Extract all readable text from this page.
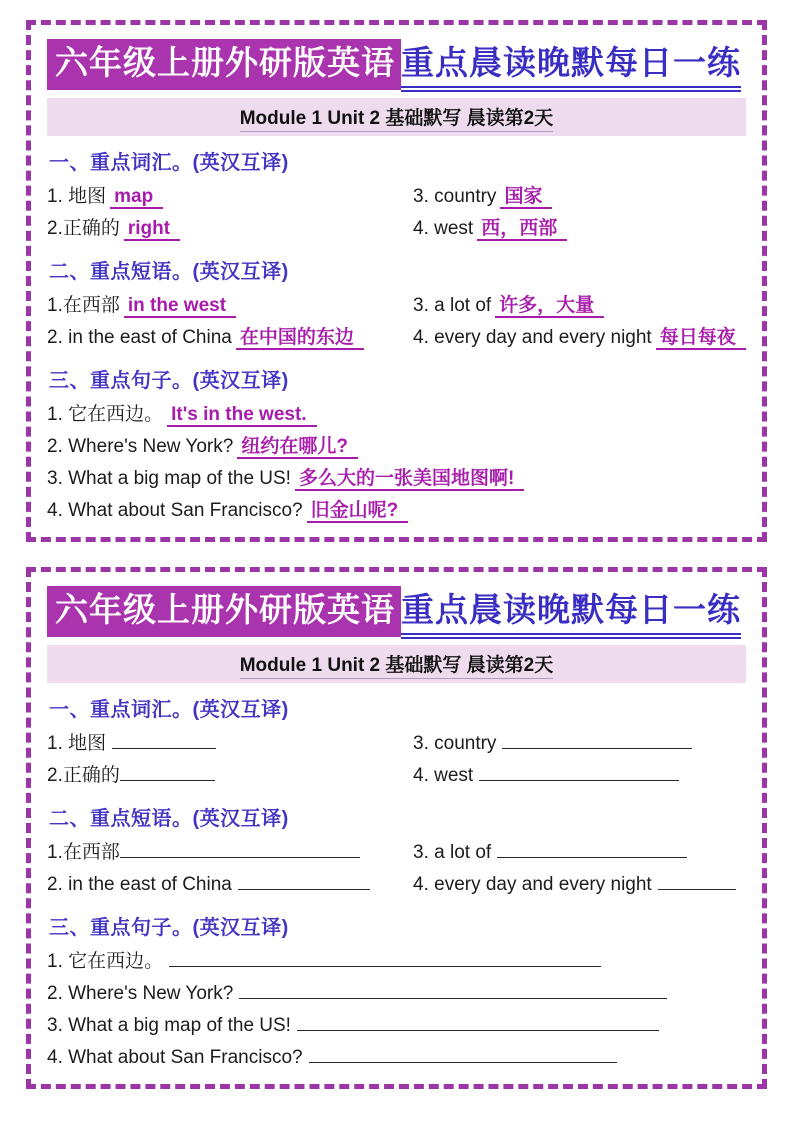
六年级上册外研版英语 重点晨读晚默每日一练
Module 1 Unit 2 基础默写 晨读第2天
一、重点词汇。(英汉互译)
1. 地图 map	3. country 国家
2.正确的 right	4. west 西，西部
二、重点短语。(英汉互译)
1.在西部 in the west	3. a lot of 许多，大量
2. in the east of China 在中国的东边	4. every day and every night 每日每夜
三、重点句子。(英汉互译)
1. 它在西边。 It's in the west.
2. Where's New York? 纽约在哪儿?
3. What a big map of the US! 多么大的一张美国地图啊!
4. What about San Francisco? 旧金山呢?
六年级上册外研版英语 重点晨读晚默每日一练
Module 1 Unit 2 基础默写 晨读第2天
一、重点词汇。(英汉互译)
1. 地图	3. country
2.正确的	4. west
二、重点短语。(英汉互译)
1.在西部	3. a lot of
2. in the east of China	4. every day and every night
三、重点句子。(英汉互译)
1. 它在西边。
2. Where's New York?
3. What a big map of the US!
4. What about San Francisco?
